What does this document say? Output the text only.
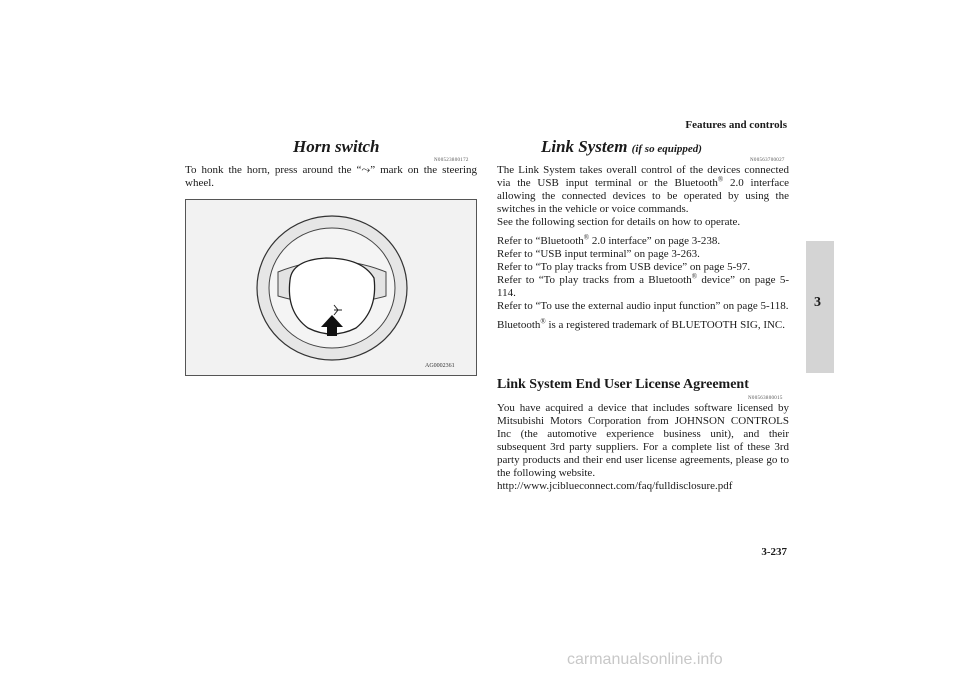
Features and controls
3
Horn switch
N00523800172
To honk the horn, press around the “⤳” mark on the steering wheel.
AG0002361
Link System (if so equipped)
N00563700027

The Link System takes overall control of the devices connected via the USB input terminal or the Bluetooth® 2.0 interface allowing the connected devices to be operated by using the switches in the vehicle or voice commands.

See the following section for details on how to operate.

Refer to “Bluetooth® 2.0 interface” on page 3-238.

Refer to “USB input terminal” on page 3-263.

Refer to “To play tracks from USB device” on page 5-97.

Refer to “To play tracks from a Bluetooth® device” on page 5-114.

Refer to “To use the external audio input function” on page 5-118.

Bluetooth® is a registered trademark of BLUETOOTH SIG, INC.

Link System End User License Agreement
N00563800015

You have acquired a device that includes software licensed by Mitsubishi Motors Corporation from JOHNSON CONTROLS Inc (the automotive experience business unit), and their subsequent 3rd party suppliers. For a complete list of these 3rd party products and their end user license agreements, please go to the following website.

http://www.jciblueconnect.com/faq/fulldisclosure.pdf

3-237
carmanualsonline.info
